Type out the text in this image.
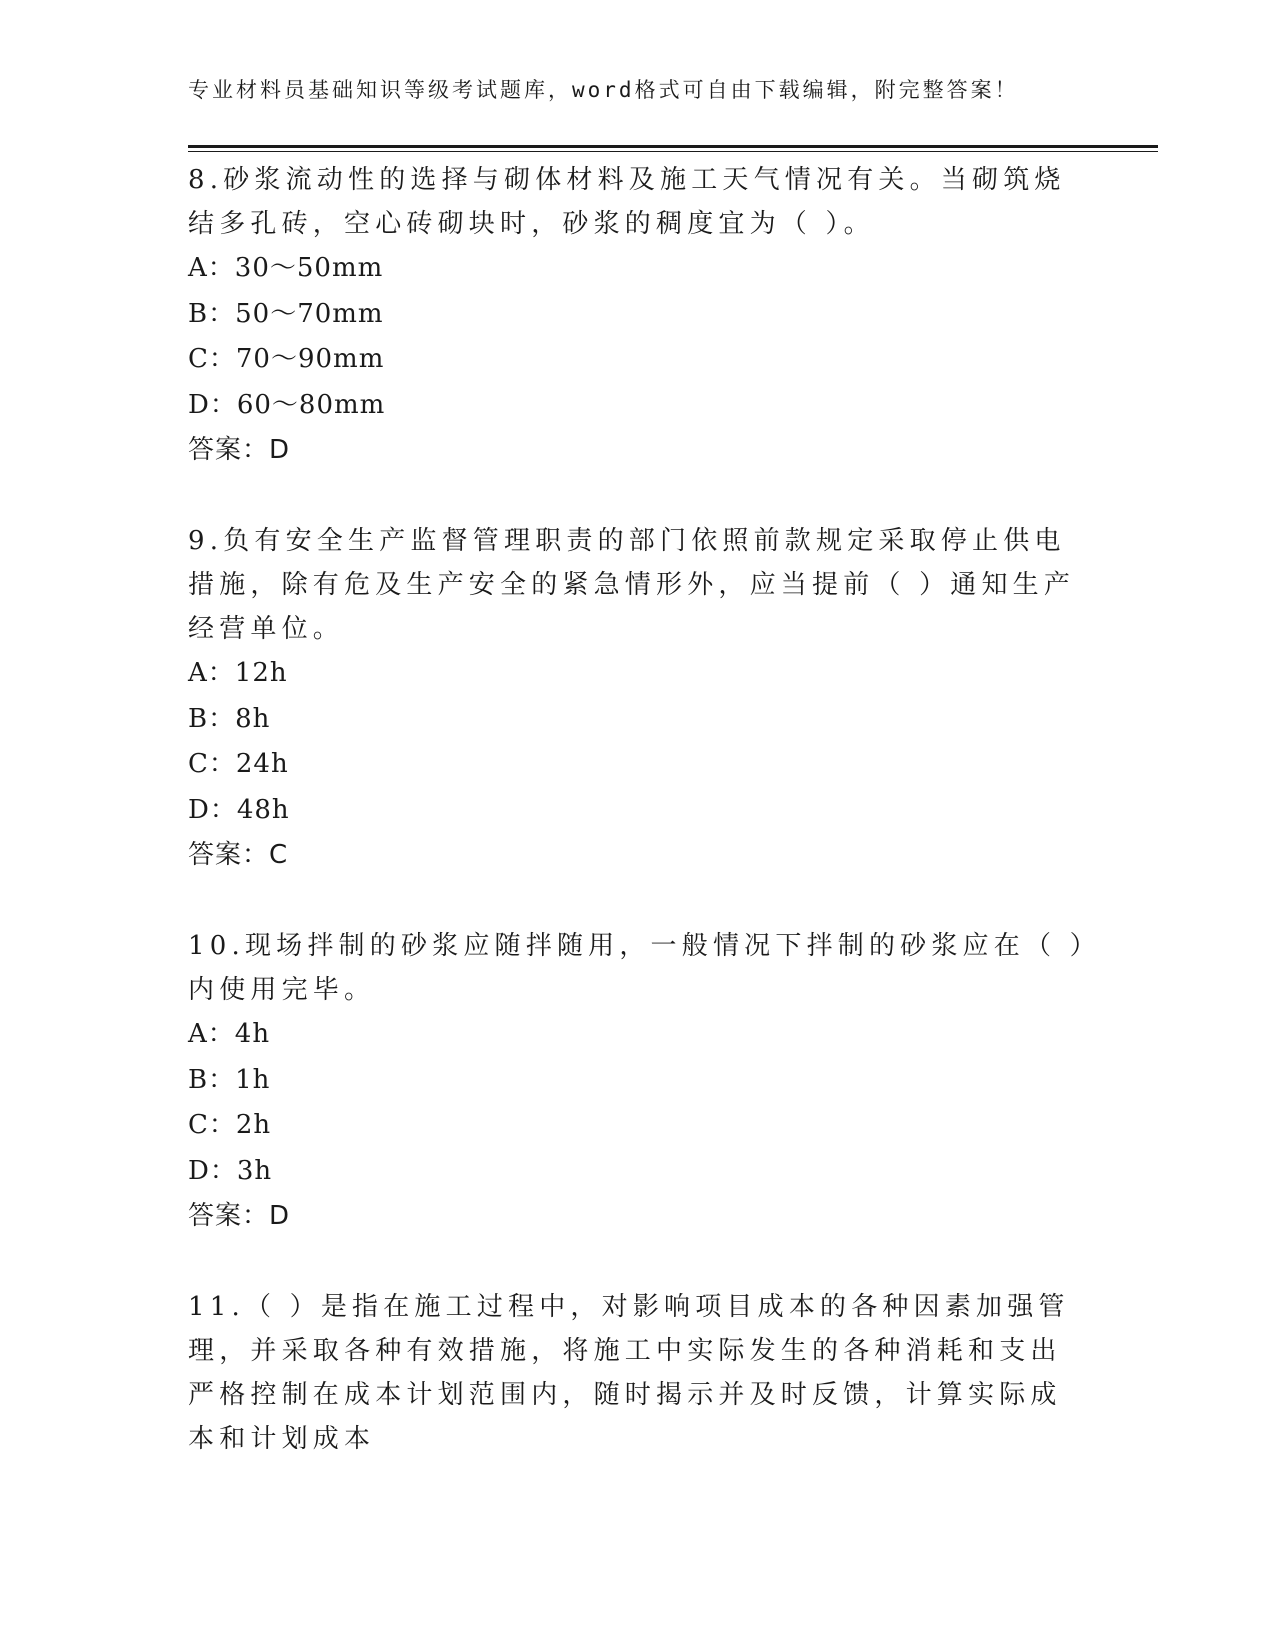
专业材料员基础知识等级考试题库，word格式可自由下载编辑，附完整答案！

8.砂浆流动性的选择与砌体材料及施工天气情况有关。当砌筑烧结多孔砖，空心砖砌块时，砂浆的稠度宜为（ ）。

A：30～50mm

B：50～70mm

C：70～90mm

D：60～80mm

答案：D

9.负有安全生产监督管理职责的部门依照前款规定采取停止供电措施，除有危及生产安全的紧急情形外，应当提前（ ）通知生产经营单位。

A：12h

B：8h

C：24h

D：48h

答案：C

10.现场拌制的砂浆应随拌随用，一般情况下拌制的砂浆应在（ ）内使用完毕。

A：4h

B：1h

C：2h

D：3h

答案：D

11.（ ）是指在施工过程中，对影响项目成本的各种因素加强管理，并采取各种有效措施，将施工中实际发生的各种消耗和支出严格控制在成本计划范围内，随时揭示并及时反馈，计算实际成本和计划成本
